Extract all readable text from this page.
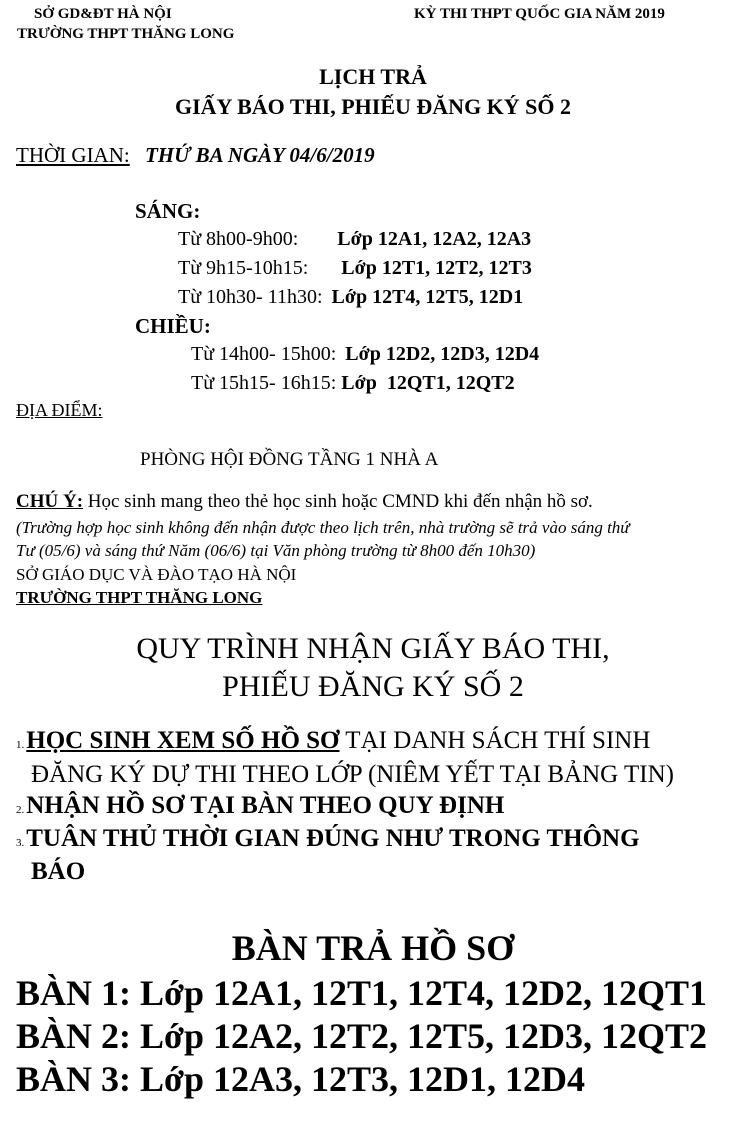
SỞ GD&ĐT HÀ NỘI
TRƯỜNG THPT THĂNG LONG
KỲ THI THPT QUỐC GIA NĂM 2019
LỊCH TRẢ
GIẤY BÁO THI, PHIẾU ĐĂNG KÝ SỐ 2
THỜI GIAN: THỨ BA NGÀY 04/6/2019
SÁNG:
Từ 8h00-9h00: Lớp 12A1, 12A2, 12A3
Từ 9h15-10h15: Lớp 12T1, 12T2, 12T3
Từ 10h30- 11h30: Lớp 12T4, 12T5, 12D1
CHIỀU:
Từ 14h00- 15h00: Lớp 12D2, 12D3, 12D4
Từ 15h15- 16h15: Lớp  12QT1, 12QT2
ĐỊA ĐIỂM:
PHÒNG HỘI ĐỒNG TẦNG 1 NHÀ A
CHÚ Ý: Học sinh mang theo thẻ học sinh hoặc CMND khi đến nhận hồ sơ.
(Trường hợp học sinh không đến nhận được theo lịch trên, nhà trường sẽ trả vào sáng thứ
Tư (05/6) và sáng thứ Năm (06/6) tại Văn phòng trường từ 8h00 đến 10h30)
SỞ GIÁO DỤC VÀ ĐÀO TẠO HÀ NỘI
TRƯỜNG THPT THĂNG LONG
QUY TRÌNH NHẬN GIẤY BÁO THI,
PHIẾU ĐĂNG KÝ SỐ 2
1.HỌC SINH XEM SỐ HỒ SƠ TẠI DANH SÁCH THÍ SINH
ĐĂNG KÝ DỰ THI THEO LỚP (NIÊM YẾT TẠI BẢNG TIN)
2.NHẬN HỒ SƠ TẠI BÀN THEO QUY ĐỊNH
3.TUÂN THỦ THỜI GIAN ĐÚNG NHƯ TRONG THÔNG
BÁO
BÀN TRẢ HỒ SƠ
BÀN 1: Lớp 12A1, 12T1, 12T4, 12D2, 12QT1
BÀN 2: Lớp 12A2, 12T2, 12T5, 12D3, 12QT2
BÀN 3: Lớp 12A3, 12T3, 12D1, 12D4
